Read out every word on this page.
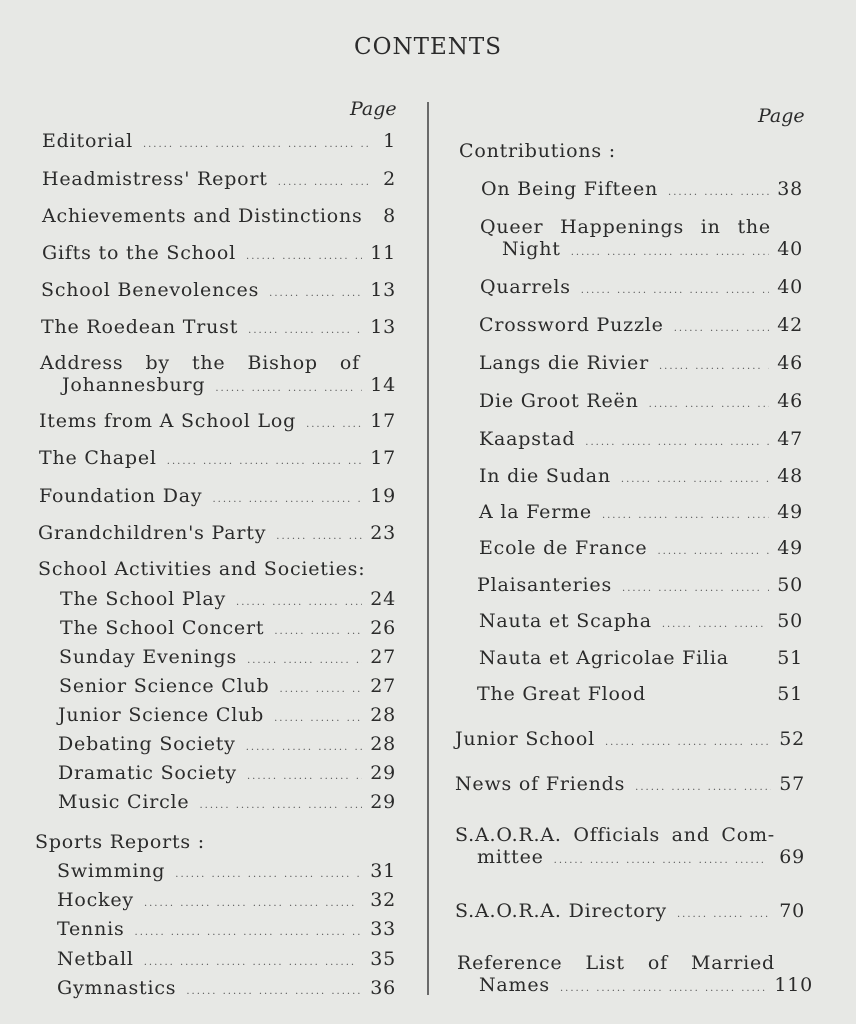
CONTENTS
Page	Page
Editorial .....	1
Headmistress' Report .....	2
Achievements and Distinctions	8
Gifts to the School .....	11
School Benevolences .....	13
The Roedean Trust .....	13
Address by the Bishop of
Johannesburg .....	14
Items from A School Log .....	17
The Chapel .....	17
Foundation Day .....	19
Grandchildren's Party .....	23
School Activities and Societies:
The School Play .....	24
The School Concert .....	26
Sunday Evenings .....	27
Senior Science Club .....	27
Junior Science Club .....	28
Debating Society .....	28
Dramatic Society .....	29
Music Circle .....	29
Sports Reports :
Swimming .....	31
Hockey .....	32
Tennis .....	33
Netball .....	35
Gymnastics .....	36
Contributions :
On Being Fifteen .....	38
Queer Happenings in the
Night .....	40
Quarrels .....	40
Crossword Puzzle .....	42
Langs die Rivier .....	46
Die Groot Reën .....	46
Kaapstad .....	47
In die Sudan .....	48
A la Ferme .....	49
Ecole de France .....	49
Plaisanteries .....	50
Nauta et Scapha .....	50
Nauta et Agricolae Filia	51
The Great Flood	51
Junior School .....	52
News of Friends .....	57
S.A.O.R.A. Officials and Com-
mittee .....	69
S.A.O.R.A. Directory .....	70
Reference List of Married
Names .....	110
